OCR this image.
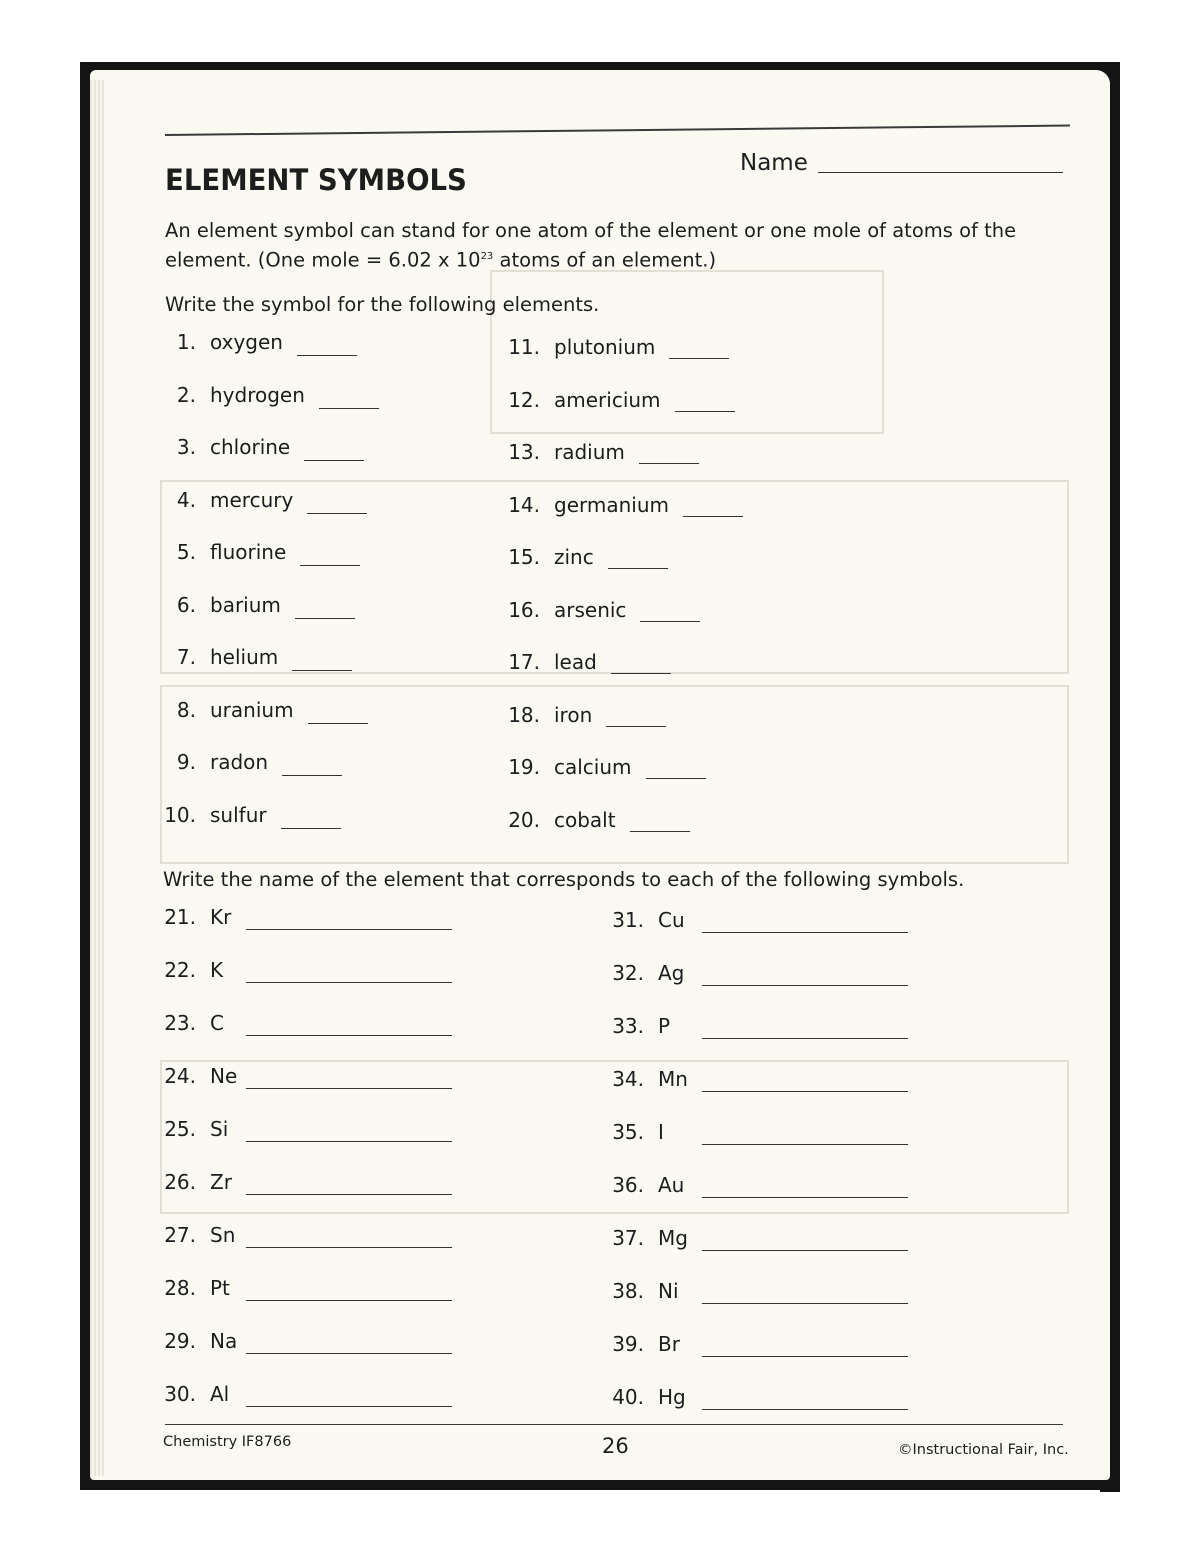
ELEMENT SYMBOLS	Name
An element symbol can stand for one atom of the element or one mole of atoms of the
element. (One mole = 6.02 x $10^{23}$ atoms of an element.)
Write the symbol for the following elements.
1. oxygen
2. hydrogen
3. chlorine
4. mercury
5. fluorine
6. barium
7. helium
8. uranium
9. radon
10. sulfur
11. plutonium
12. americium
13. radium
14. germanium
15. zinc
16. arsenic
17. lead
18. iron
19. calcium
20. cobalt
Write the name of the element that corresponds to each of the following symbols.
21. Kr
22. K
23. C
24. Ne
25. Si
26. Zr
27. Sn
28. Pt
29. Na
30. Al
31. Cu
32. Ag
33. P
34. Mn
35. I
36. Au
37. Mg
38. Ni
39. Br
40. Hg
Chemistry IF8766	26	©Instructional Fair, Inc.
